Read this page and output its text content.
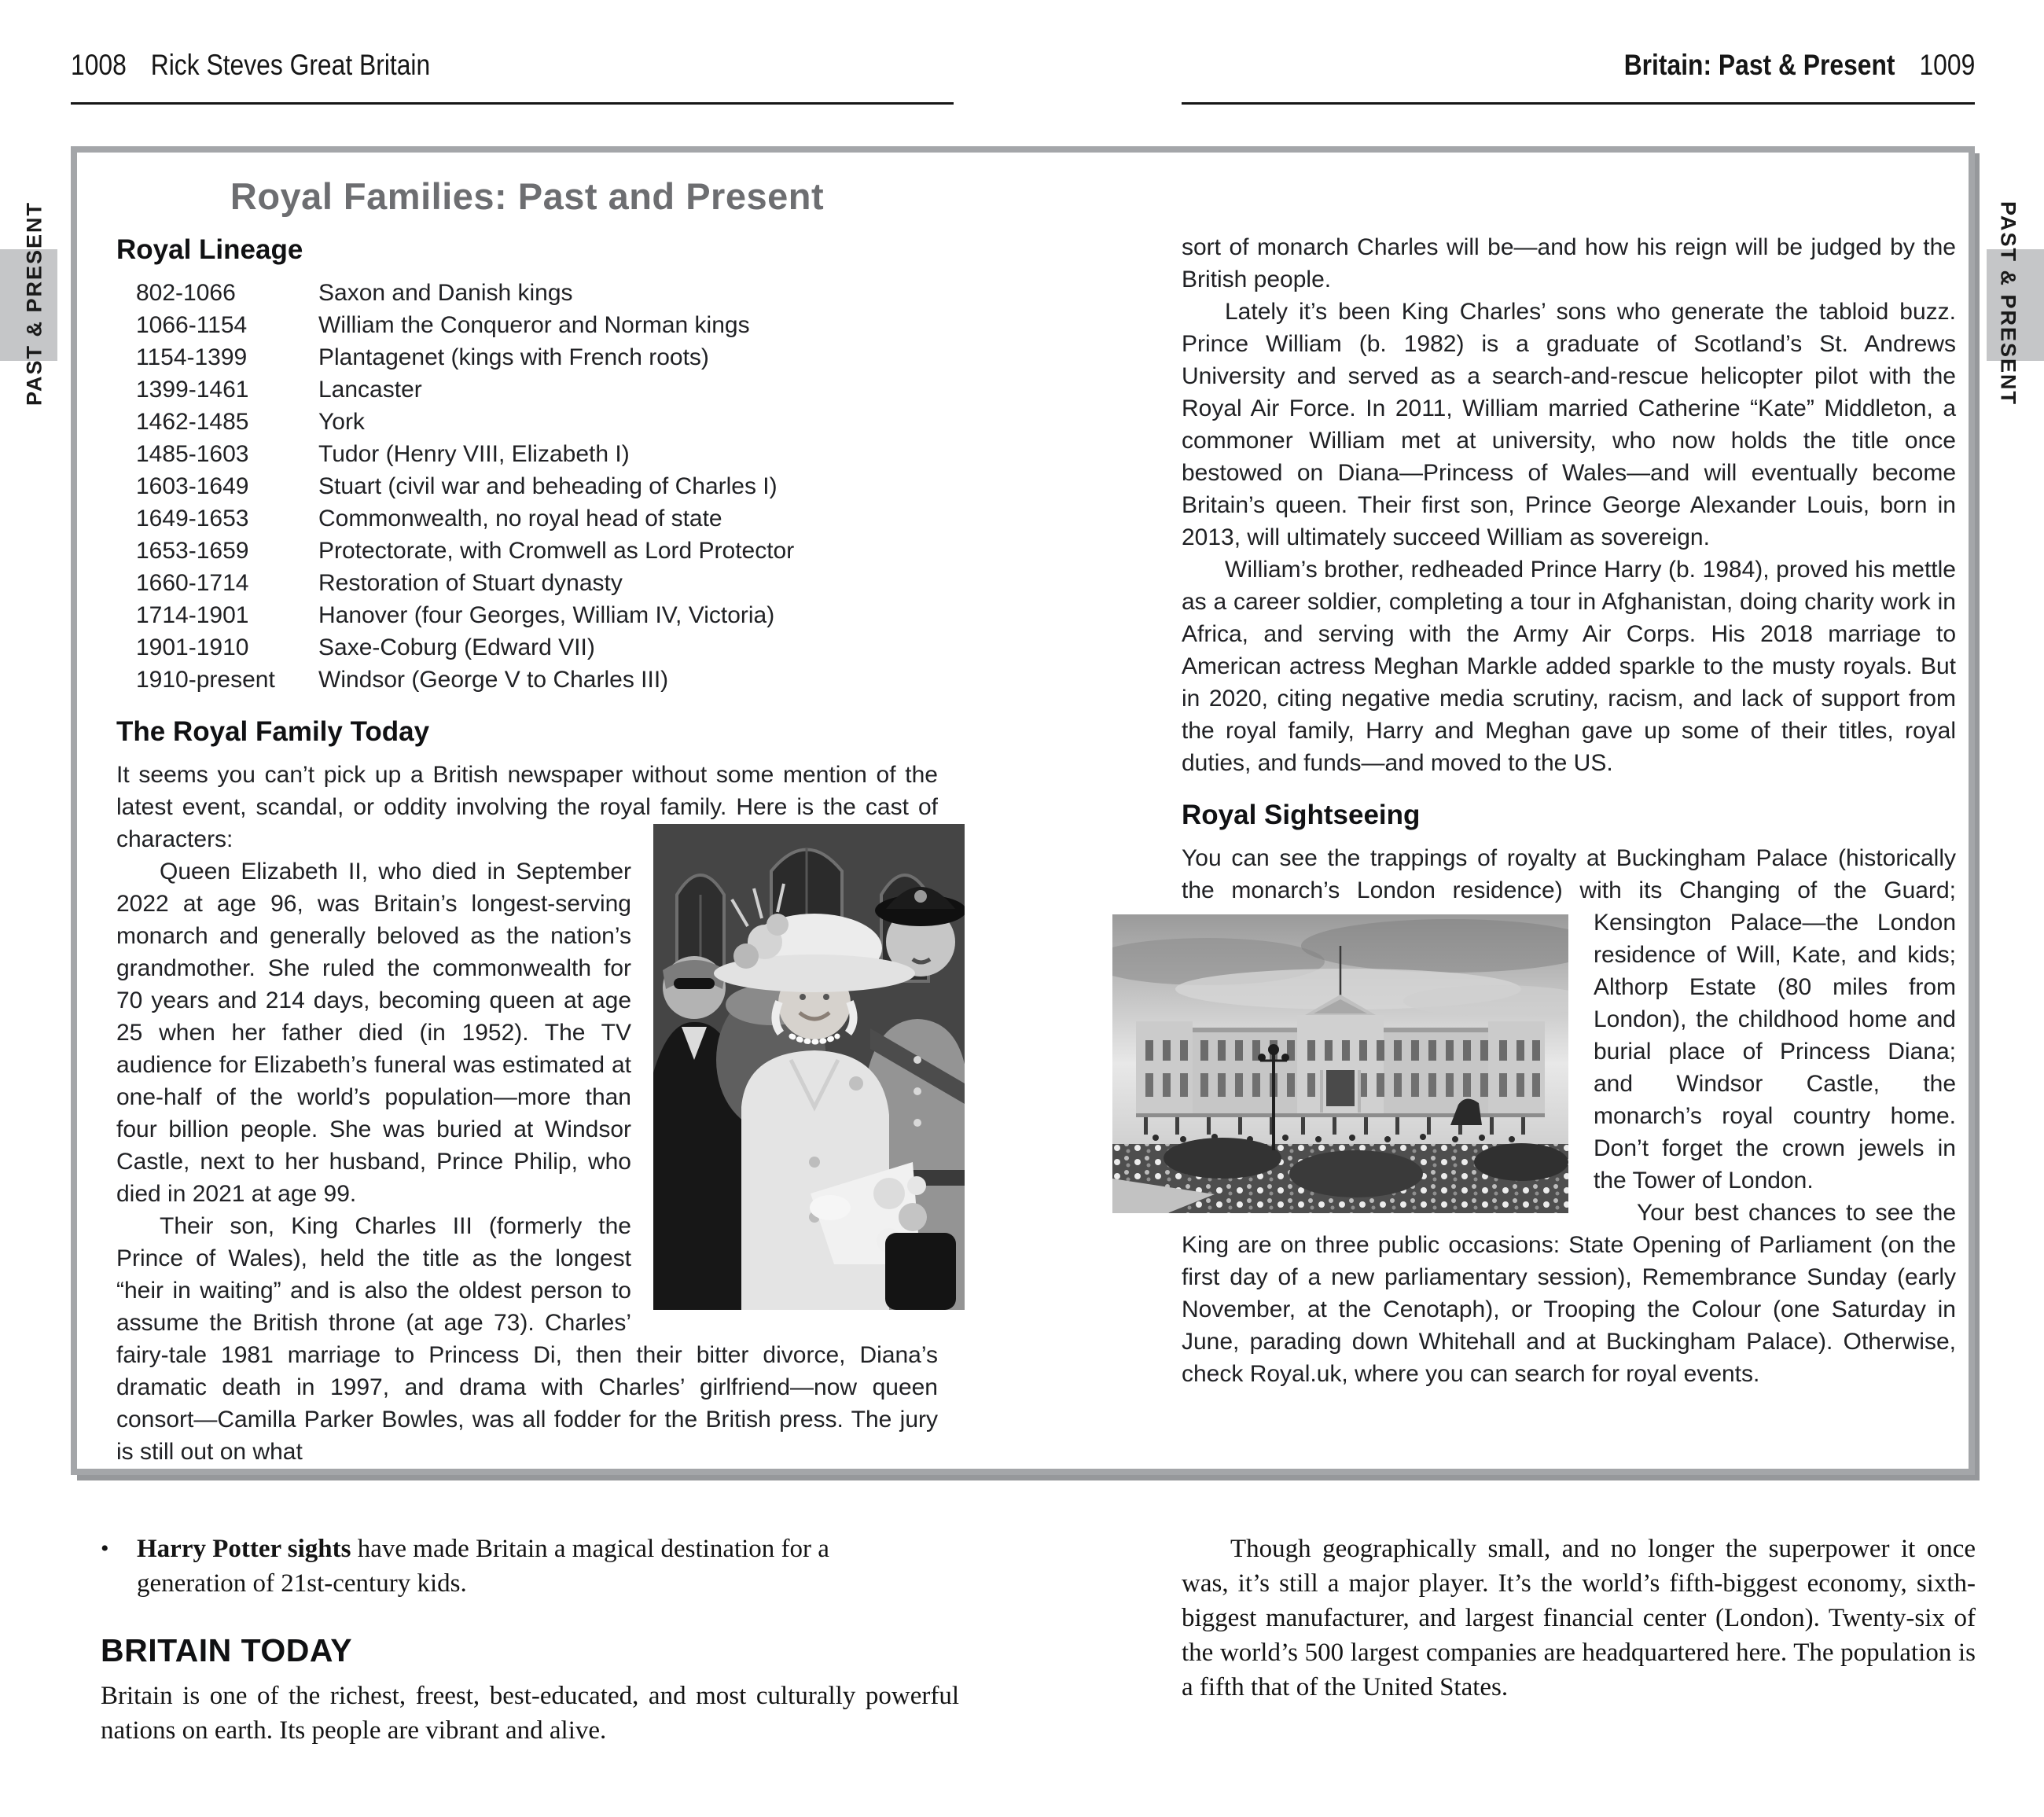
1008 Rick Steves Great Britain	Britain: Past & Present 1009
PAST & PRESENT	PAST & PRESENT
Royal Families: Past and Present
Royal Lineage
802-1066	Saxon and Danish kings
1066-1154	William the Conqueror and Norman kings
1154-1399	Plantagenet (kings with French roots)
1399-1461	Lancaster
1462-1485	York
1485-1603	Tudor (Henry VIII, Elizabeth I)
1603-1649	Stuart (civil war and beheading of Charles I)
1649-1653	Commonwealth, no royal head of state
1653-1659	Protectorate, with Cromwell as Lord Protector
1660-1714	Restoration of Stuart dynasty
1714-1901	Hanover (four Georges, William IV, Victoria)
1901-1910	Saxe-Coburg (Edward VII)
1910-present	Windsor (George V to Charles III)
The Royal Family Today
It seems you can’t pick up a British newspaper without some mention of the latest event, scandal, or oddity involving the royal family. Here is the cast of characters:
Queen Elizabeth II, who died in September 2022 at age 96, was Britain’s longest-serving monarch and generally beloved as the nation’s grandmother. She ruled the commonwealth for 70 years and 214 days, becoming queen at age 25 when her father died (in 1952). The TV audience for Elizabeth’s funeral was estimated at one-half of the world’s population—more than four billion people. She was buried at Windsor Castle, next to her husband, Prince Philip, who died in 2021 at age 99.
Their son, King Charles III (formerly the Prince of Wales), held the title as the longest “heir in waiting” and is also the oldest person to assume the British throne (at age 73). Charles’ fairy-tale 1981 marriage to Princess Di, then their bitter divorce, Diana’s dramatic death in 1997, and drama with Charles’ girlfriend—now queen consort—Camilla Parker Bowles, was all fodder for the British press. The jury is still out on what
sort of monarch Charles will be—and how his reign will be judged by the British people.
Lately it’s been King Charles’ sons who generate the tabloid buzz. Prince William (b. 1982) is a graduate of Scotland’s St. Andrews University and served as a search-and-rescue helicopter pilot with the Royal Air Force. In 2011, William married Catherine “Kate” Middleton, a commoner William met at university, who now holds the title once bestowed on Diana—Princess of Wales—and will eventually become Britain’s queen. Their first son, Prince George Alexander Louis, born in 2013, will ultimately succeed William as sovereign.
William’s brother, redheaded Prince Harry (b. 1984), proved his mettle as a career soldier, completing a tour in Afghanistan, doing charity work in Africa, and serving with the Army Air Corps. His 2018 marriage to American actress Meghan Markle added sparkle to the musty royals. But in 2020, citing negative media scrutiny, racism, and lack of support from the royal family, Harry and Meghan gave up some of their titles, royal duties, and funds—and moved to the US.
Royal Sightseeing
You can see the trappings of royalty at Buckingham Palace (historically the monarch’s London residence) with its Changing of
the Guard; Kensington Palace—the London residence of Will, Kate, and kids; Althorp Estate (80 miles from London), the childhood home and burial place of Princess Diana; and Windsor Castle, the monarch’s royal country home. Don’t forget the crown jewels in the Tower of London.
Your best chances to see the King are on three public occasions: State Opening of Parliament (on the first day of a new parliamentary session), Remembrance Sunday (early November, at the Cenotaph), or Trooping the Colour (one Saturday in June, parading down Whitehall and at Buckingham Palace). Otherwise, check Royal.uk, where you can search for royal events.
•	Harry Potter sights have made Britain a magical destination for a generation of 21st-century kids.
BRITAIN TODAY
Britain is one of the richest, freest, best-educated, and most culturally powerful nations on earth. Its people are vibrant and alive.
Though geographically small, and no longer the superpower it once was, it’s still a major player. It’s the world’s fifth-biggest economy, sixth-biggest manufacturer, and largest financial center (London). Twenty-six of the world’s 500 largest companies are headquartered here. The population is a fifth that of the United States.
